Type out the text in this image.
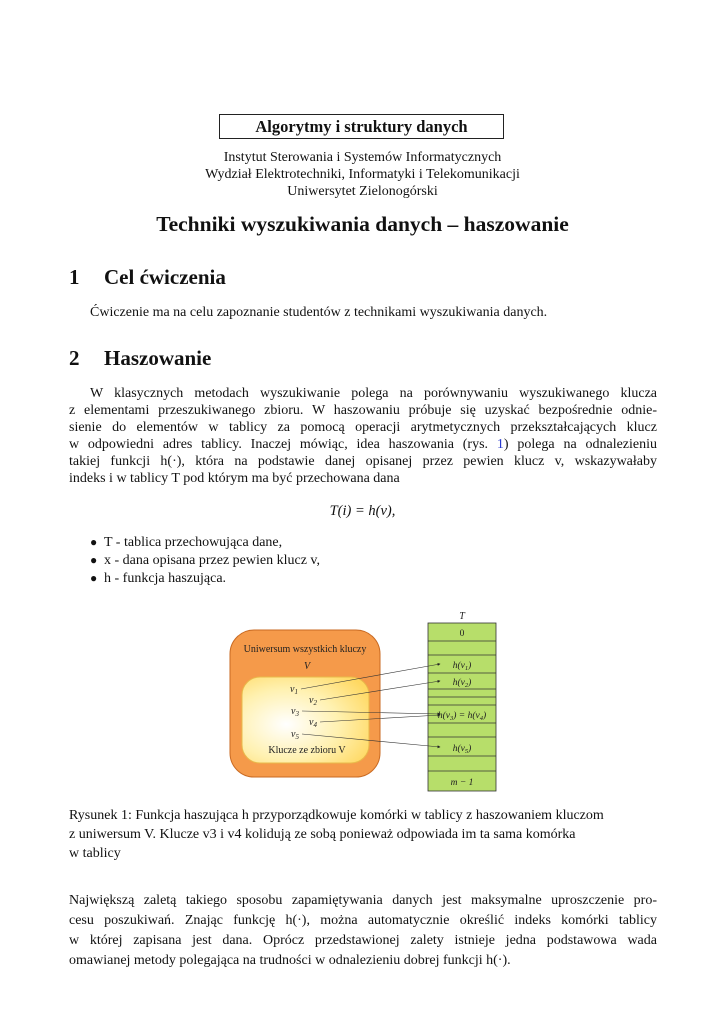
Algorytmy i struktury danych
Instytut Sterowania i Systemów Informatycznych
Wydział Elektrotechniki, Informatyki i Telekomunikacji
Uniwersytet Zielonogórski
Techniki wyszukiwania danych – haszowanie
1 Cel ćwiczenia
Ćwiczenie ma na celu zapoznanie studentów z technikami wyszukiwania danych.
2 Haszowanie
W klasycznych metodach wyszukiwanie polega na porównywaniu wyszukiwanego klucza
z elementami przeszukiwanego zbioru. W haszowaniu próbuje się uzyskać bezpośrednie odnie-
sienie do elementów w tablicy za pomocą operacji arytmetycznych przekształcających klucz
w odpowiedni adres tablicy. Inaczej mówiąc, idea haszowania (rys. 1) polega na odnalezieniu
takiej funkcji h(·), która na podstawie danej opisanej przez pewien klucz v, wskazywałaby
indeks i w tablicy T pod którym ma być przechowana dana
T(i) = h(v),
● T - tablica przechowująca dane,
● x - dana opisana przez pewien klucz v,
● h - funkcja haszująca.
Uniwersum wszystkich kluczy
V
Klucze ze zbioru V
$v_1$
$v_2$
$v_3$
$v_4$
$v_5$
T
0
$h(v_1)$
$h(v_2)$
$h(v_3) = h(v_4)$
$h(v_5)$
m − 1
Rysunek 1: Funkcja haszująca h przyporządkowuje komórki w tablicy z haszowaniem kluczom
z uniwersum V. Klucze v3 i v4 kolidują ze sobą ponieważ odpowiada im ta sama komórka
w tablicy
Największą zaletą takiego sposobu zapamiętywania danych jest maksymalne uproszczenie pro-
cesu poszukiwań. Znając funkcję h(·), można automatycznie określić indeks komórki tablicy
w której zapisana jest dana. Oprócz przedstawionej zalety istnieje jedna podstawowa wada
omawianej metody polegająca na trudności w odnalezieniu dobrej funkcji h(·).
